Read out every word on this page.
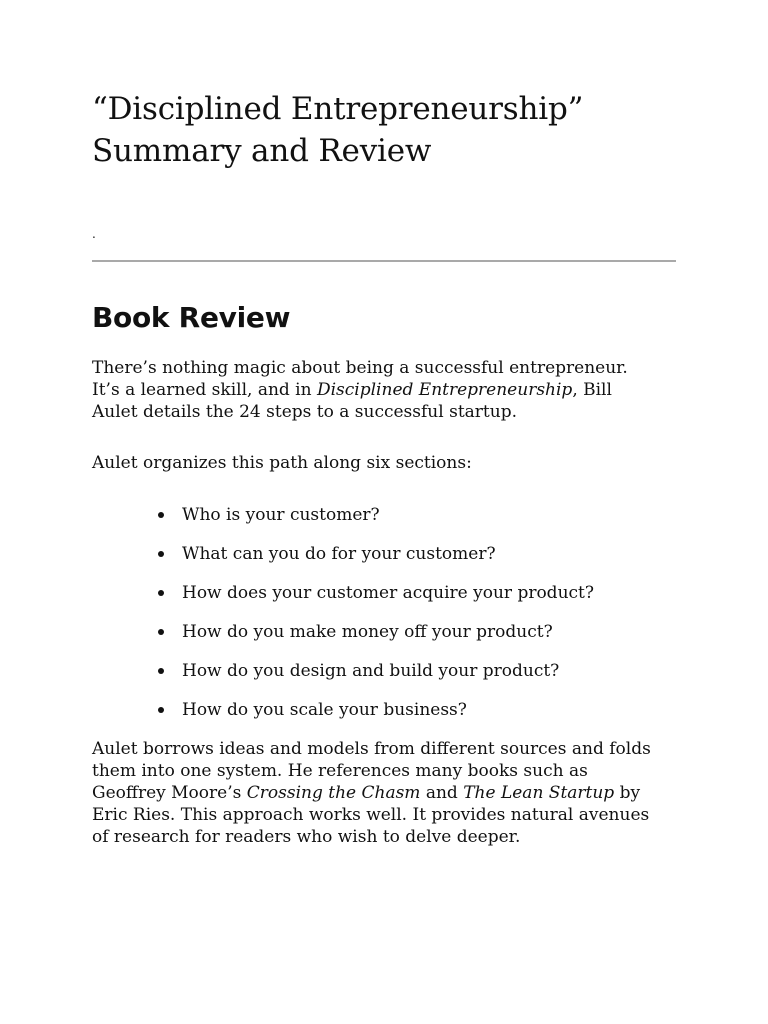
“Disciplined Entrepreneurship”
Summary and Review
.
Book Review

There’s nothing magic about being a successful entrepreneur.
It’s a learned skill, and in Disciplined Entrepreneurship, Bill
Aulet details the 24 steps to a successful startup.

Aulet organizes this path along six sections:

Who is your customer?
What can you do for your customer?
How does your customer acquire your product?
How do you make money off your product?
How do you design and build your product?
How do you scale your business?

Aulet borrows ideas and models from different sources and folds
them into one system. He references many books such as
Geoffrey Moore’s Crossing the Chasm and The Lean Startup by
Eric Ries. This approach works well. It provides natural avenues
of research for readers who wish to delve deeper.
